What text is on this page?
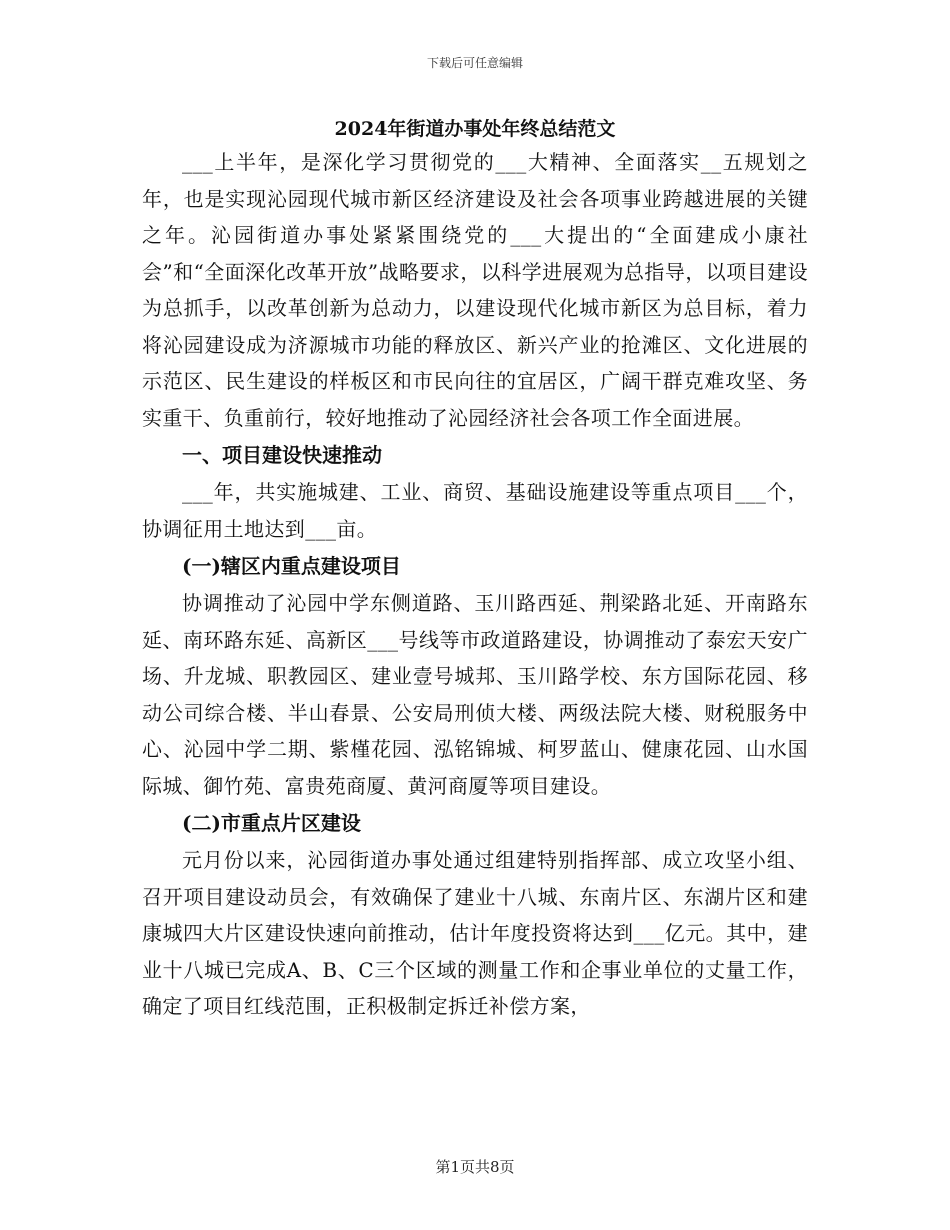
下载后可任意编辑
2024年街道办事处年终总结范文

___上半年，是深化学习贯彻党的___大精神、全面落实__五规划之年，也是实现沁园现代城市新区经济建设及社会各项事业跨越进展的关键之年。沁园街道办事处紧紧围绕党的___大提出的“全面建成小康社会”和“全面深化改革开放”战略要求，以科学进展观为总指导，以项目建设为总抓手，以改革创新为总动力，以建设现代化城市新区为总目标，着力将沁园建设成为济源城市功能的释放区、新兴产业的抢滩区、文化进展的示范区、民生建设的样板区和市民向往的宜居区，广阔干群克难攻坚、务实重干、负重前行，较好地推动了沁园经济社会各项工作全面进展。

一、项目建设快速推动

___年，共实施城建、工业、商贸、基础设施建设等重点项目___个，协调征用土地达到___亩。

(一)辖区内重点建设项目

协调推动了沁园中学东侧道路、玉川路西延、荆梁路北延、开南路东延、南环路东延、高新区___号线等市政道路建设，协调推动了泰宏天安广场、升龙城、职教园区、建业壹号城邦、玉川路学校、东方国际花园、移动公司综合楼、半山春景、公安局刑侦大楼、两级法院大楼、财税服务中心、沁园中学二期、紫槿花园、泓铭锦城、柯罗蓝山、健康花园、山水国际城、御竹苑、富贵苑商厦、黄河商厦等项目建设。

(二)市重点片区建设

元月份以来，沁园街道办事处通过组建特别指挥部、成立攻坚小组、召开项目建设动员会，有效确保了建业十八城、东南片区、东湖片区和建康城四大片区建设快速向前推动，估计年度投资将达到___亿元。其中，建业十八城已完成A、B、C三个区域的测量工作和企事业单位的丈量工作，确定了项目红线范围，正积极制定拆迁补偿方案，

第1页共8页
